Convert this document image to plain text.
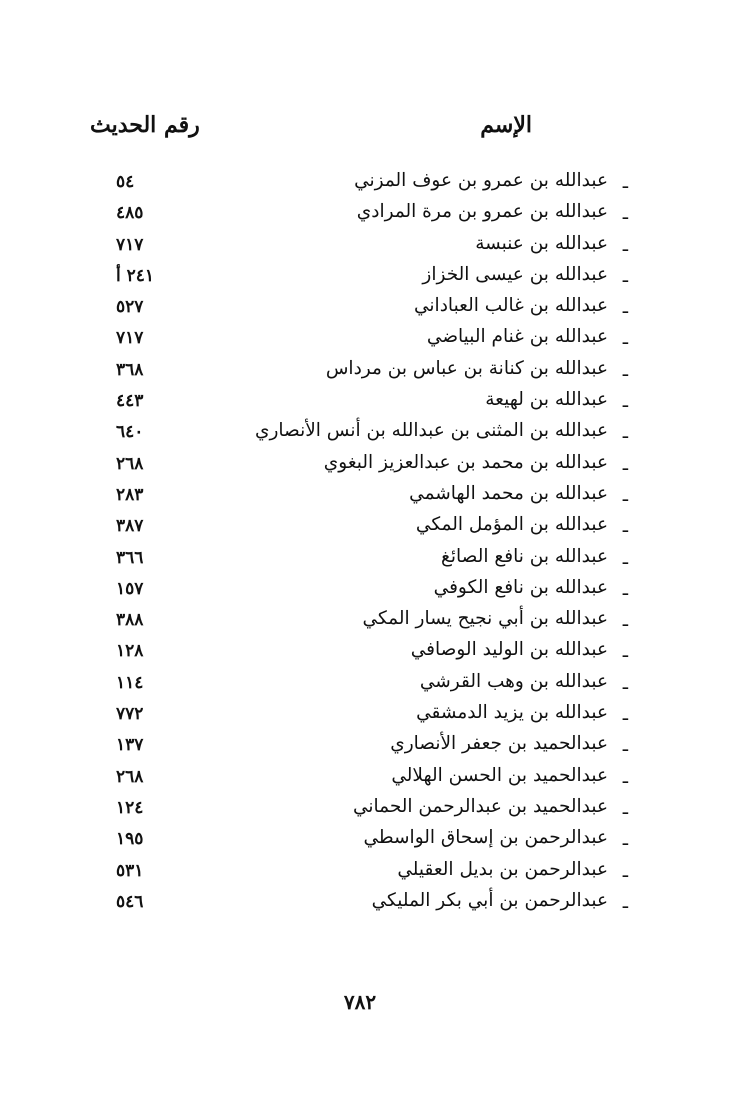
الإسم
رقم الحديث
ـ
عبدالله بن عمرو بن عوف المزني
٥٤
ـ
عبدالله بن عمرو بن مرة المرادي
٤٨٥
ـ
عبدالله بن عنبسة
٧١٧
ـ
عبدالله بن عيسى الخزاز
٢٤١ أ
ـ
عبدالله بن غالب العباداني
٥٢٧
ـ
عبدالله بن غنام البياضي
٧١٧
ـ
عبدالله بن كنانة بن عباس بن مرداس
٣٦٨
ـ
عبدالله بن لهيعة
٤٤٣
ـ
عبدالله بن المثنى بن عبدالله بن أنس الأنصاري
٦٤٠
ـ
عبدالله بن محمد بن عبدالعزيز البغوي
٢٦٨
ـ
عبدالله بن محمد الهاشمي
٢٨٣
ـ
عبدالله بن المؤمل المكي
٣٨٧
ـ
عبدالله بن نافع الصائغ
٣٦٦
ـ
عبدالله بن نافع الكوفي
١٥٧
ـ
عبدالله بن أبي نجيح يسار المكي
٣٨٨
ـ
عبدالله بن الوليد الوصافي
١٢٨
ـ
عبدالله بن وهب القرشي
١١٤
ـ
عبدالله بن يزيد الدمشقي
٧٧٢
ـ
عبدالحميد بن جعفر الأنصاري
١٣٧
ـ
عبدالحميد بن الحسن الهلالي
٢٦٨
ـ
عبدالحميد بن عبدالرحمن الحماني
١٢٤
ـ
عبدالرحمن بن إسحاق الواسطي
١٩٥
ـ
عبدالرحمن بن بديل العقيلي
٥٣١
ـ
عبدالرحمن بن أبي بكر المليكي
٥٤٦
٧٨٢
